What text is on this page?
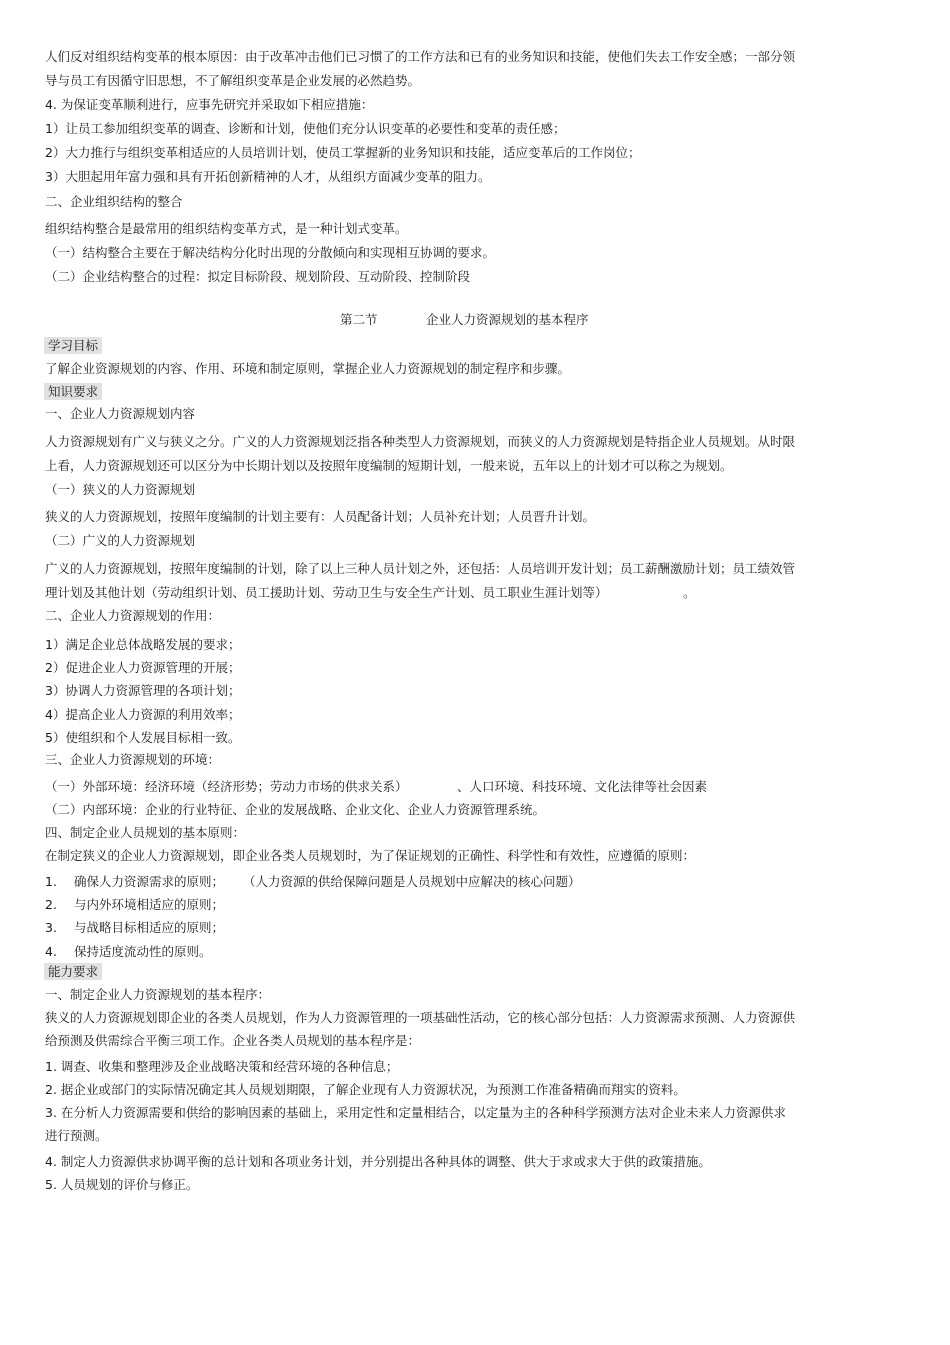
人们反对组织结构变革的根本原因：由于改革冲击他们已习惯了的工作方法和已有的业务知识和技能，使他们失去工作安全感；一部分领
导与员工有因循守旧思想，不了解组织变革是企业发展的必然趋势。
4. 为保证变革顺利进行，应事先研究并采取如下相应措施：
1）让员工参加组织变革的调查、诊断和计划，使他们充分认识变革的必要性和变革的责任感；
2）大力推行与组织变革相适应的人员培训计划，使员工掌握新的业务知识和技能，适应变革后的工作岗位；
3）大胆起用年富力强和具有开拓创新精神的人才，从组织方面减少变革的阻力。
二、企业组织结构的整合
组织结构整合是最常用的组织结构变革方式，是一种计划式变革。
（一）结构整合主要在于解决结构分化时出现的分散倾向和实现相互协调的要求。
（二）企业结构整合的过程：拟定目标阶段、规划阶段、互动阶段、控制阶段
第二节	企业人力资源规划的基本程序
学习目标
了解企业资源规划的内容、作用、环境和制定原则，掌握企业人力资源规划的制定程序和步骤。
知识要求
一、企业人力资源规划内容
人力资源规划有广义与狭义之分。广义的人力资源规划泛指各种类型人力资源规划，而狭义的人力资源规划是特指企业人员规划。从时限
上看，人力资源规划还可以区分为中长期计划以及按照年度编制的短期计划，一般来说，五年以上的计划才可以称之为规划。
（一）狭义的人力资源规划
狭义的人力资源规划，按照年度编制的计划主要有：人员配备计划；人员补充计划；人员晋升计划。
（二）广义的人力资源规划
广义的人力资源规划，按照年度编制的计划，除了以上三种人员计划之外，还包括：人员培训开发计划；员工薪酬激励计划；员工绩效管
理计划及其他计划（劳动组织计划、员工援助计划、劳动卫生与安全生产计划、员工职业生涯计划等）	。
二、企业人力资源规划的作用：
1）满足企业总体战略发展的要求；
2）促进企业人力资源管理的开展；
3）协调人力资源管理的各项计划；
4）提高企业人力资源的利用效率；
5）使组织和个人发展目标相一致。
三、企业人力资源规划的环境：
（一）外部环境：经济环境（经济形势；劳动力市场的供求关系）	、人口环境、科技环境、文化法律等社会因素
（二）内部环境：企业的行业特征、企业的发展战略、企业文化、企业人力资源管理系统。
四、制定企业人员规划的基本原则：
在制定狭义的企业人力资源规划，即企业各类人员规划时，为了保证规划的正确性、科学性和有效性，应遵循的原则：
1. 确保人力资源需求的原则； （人力资源的供给保障问题是人员规划中应解决的核心问题）
2. 与内外环境相适应的原则；
3. 与战略目标相适应的原则；
4. 保持适度流动性的原则。
能力要求
一、制定企业人力资源规划的基本程序：
狭义的人力资源规划即企业的各类人员规划，作为人力资源管理的一项基础性活动，它的核心部分包括：人力资源需求预测、人力资源供
给预测及供需综合平衡三项工作。企业各类人员规划的基本程序是：
1. 调查、收集和整理涉及企业战略决策和经营环境的各种信息；
2. 据企业或部门的实际情况确定其人员规划期限，了解企业现有人力资源状况，为预测工作准备精确而翔实的资料。
3. 在分析人力资源需要和供给的影响因素的基础上，采用定性和定量相结合，以定量为主的各种科学预测方法对企业未来人力资源供求
进行预测。
4. 制定人力资源供求协调平衡的总计划和各项业务计划，并分别提出各种具体的调整、供大于求或求大于供的政策措施。
5. 人员规划的评价与修正。
